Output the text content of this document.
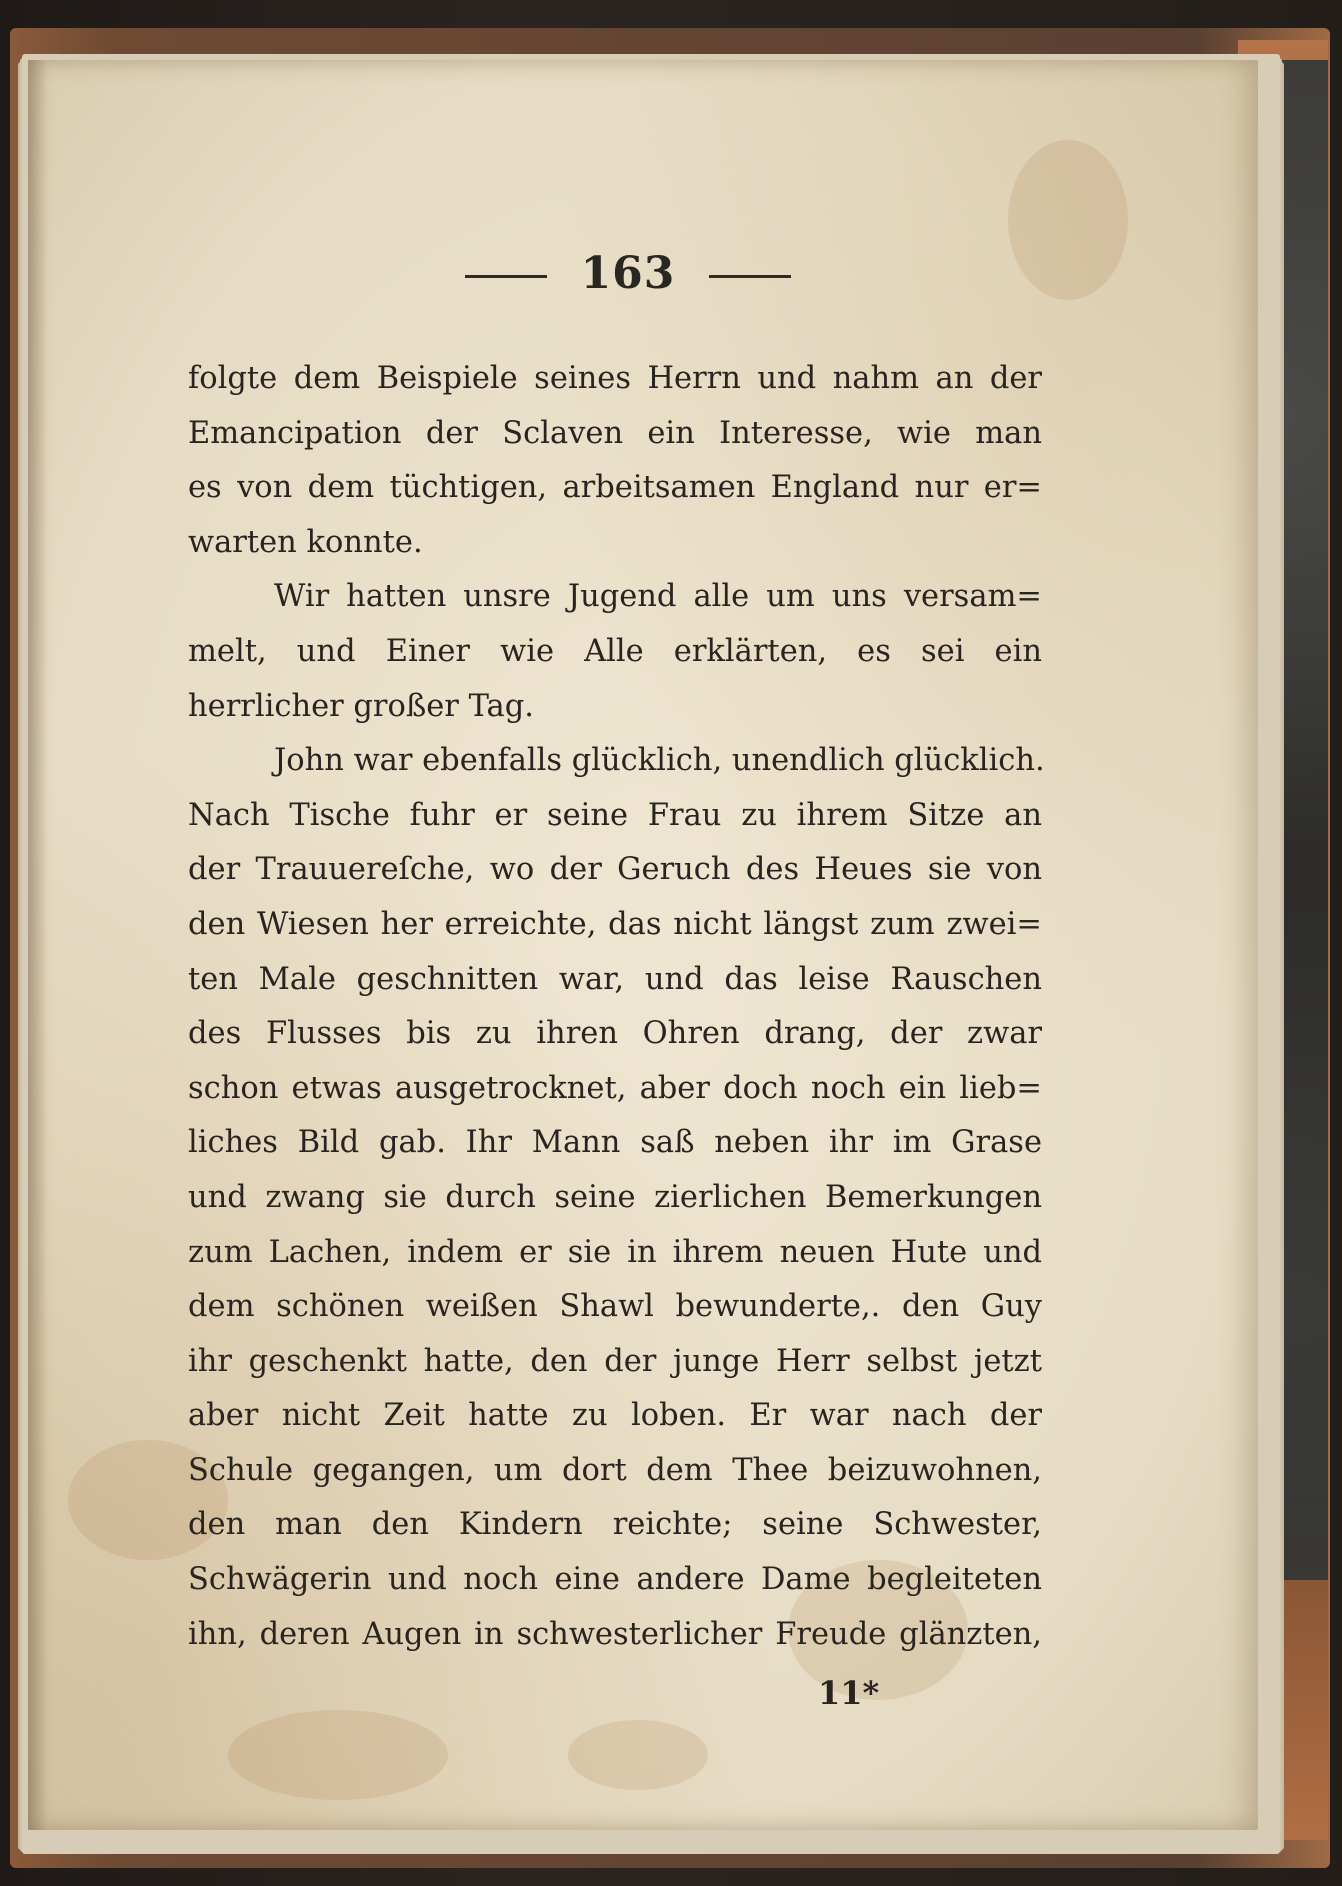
163
folgte dem Beispiele seines Herrn und nahm an der
Emancipation der Sclaven ein Interesse, wie man
es von dem tüchtigen, arbeitsamen England nur er=
warten konnte.
Wir hatten unsre Jugend alle um uns versam=
melt, und Einer wie Alle erklärten, es sei ein
herrlicher großer Tag.
John war ebenfalls glücklich, unendlich glücklich.
Nach Tische fuhr er seine Frau zu ihrem Sitze an
der Trauuereſche, wo der Geruch des Heues sie von
den Wiesen her erreichte, das nicht längst zum zwei=
ten Male geschnitten war, und das leise Rauschen
des Flusses bis zu ihren Ohren drang, der zwar
schon etwas ausgetrocknet, aber doch noch ein lieb=
liches Bild gab. Ihr Mann saß neben ihr im Grase
und zwang sie durch seine zierlichen Bemerkungen
zum Lachen, indem er sie in ihrem neuen Hute und
dem schönen weißen Shawl bewunderte,. den Guy
ihr geschenkt hatte, den der junge Herr selbst jetzt
aber nicht Zeit hatte zu loben. Er war nach der
Schule gegangen, um dort dem Thee beizuwohnen,
den man den Kindern reichte; seine Schwester,
Schwägerin und noch eine andere Dame begleiteten
ihn, deren Augen in schwesterlicher Freude glänzten,
11*
